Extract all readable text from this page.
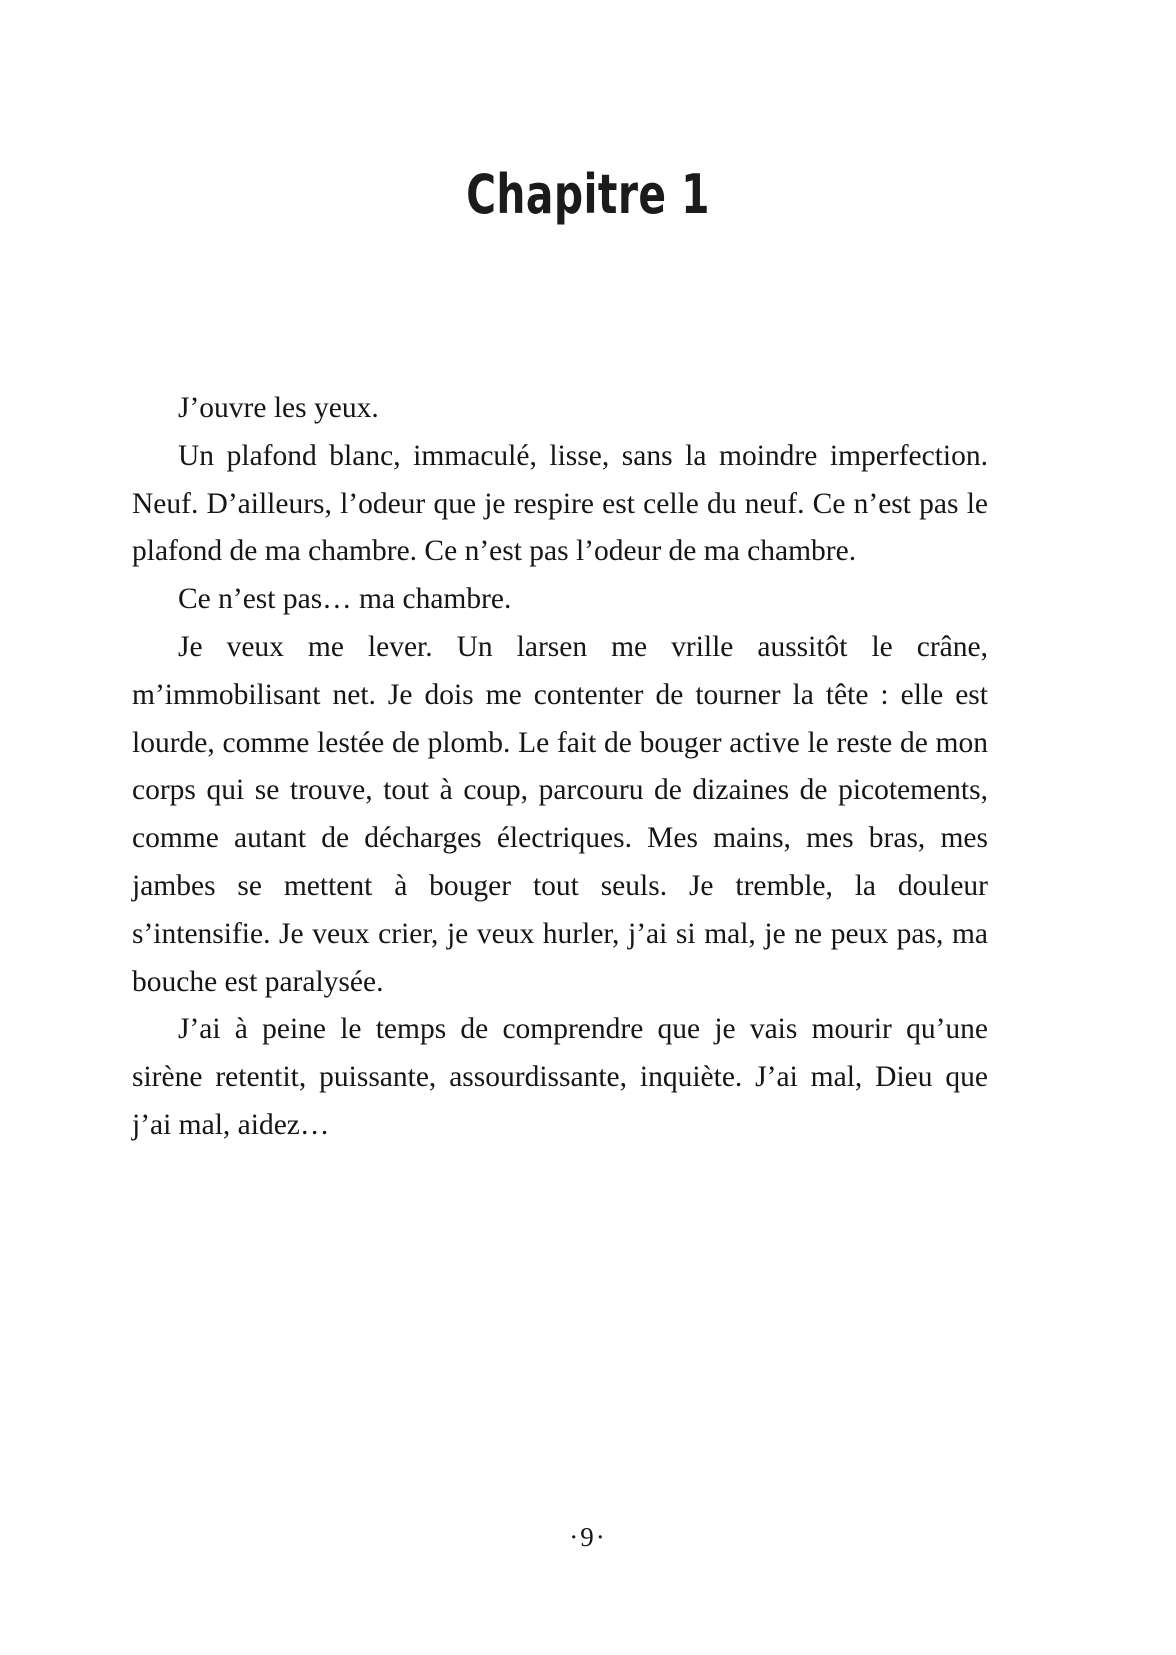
Chapitre 1

J’ouvre les yeux.

Un plafond blanc, immaculé, lisse, sans la moindre imperfection. Neuf. D’ailleurs, l’odeur que je respire est celle du neuf. Ce n’est pas le plafond de ma chambre. Ce n’est pas l’odeur de ma chambre.

Ce n’est pas… ma chambre.

Je veux me lever. Un larsen me vrille aussitôt le crâne, m’immobilisant net. Je dois me contenter de tourner la tête : elle est lourde, comme lestée de plomb. Le fait de bouger active le reste de mon corps qui se trouve, tout à coup, parcouru de dizaines de picotements, comme autant de décharges électriques. Mes mains, mes bras, mes jambes se mettent à bouger tout seuls. Je tremble, la douleur s’intensifie. Je veux crier, je veux hurler, j’ai si mal, je ne peux pas, ma bouche est paralysée.

J’ai à peine le temps de comprendre que je vais mourir qu’une sirène retentit, puissante, assourdissante, inquiète. J’ai mal, Dieu que j’ai mal, aidez…

·9·
